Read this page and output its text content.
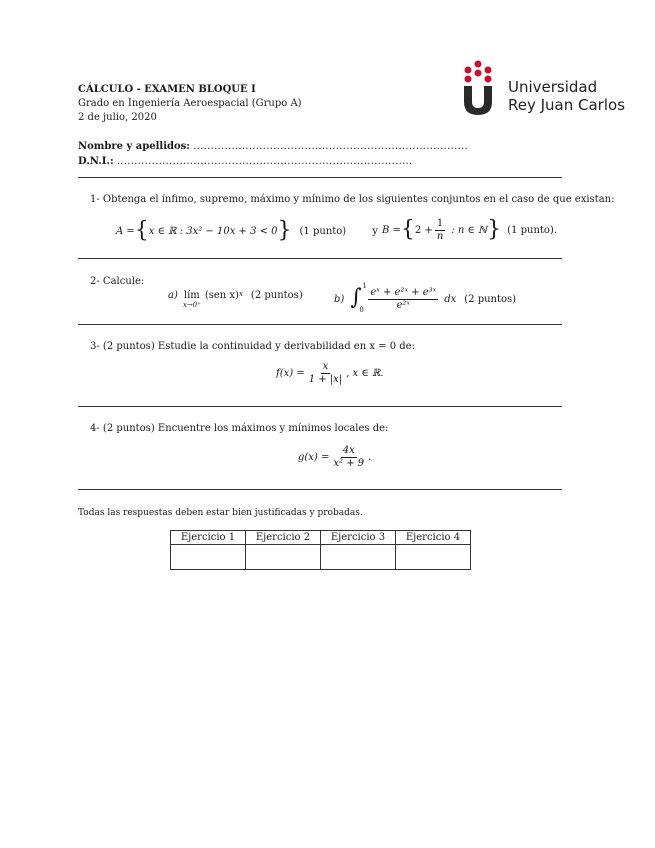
CÁLCULO - EXAMEN BLOQUE I
Grado en Ingeniería Aeroespacial (Grupo A)
2 de julio, 2020
Universidad
Rey Juan Carlos
Nombre y apellidos: ...............................................................................
D.N.I.: .....................................................................................
1- Obtenga el ínfimo, supremo, máximo y mínimo de los siguientes conjuntos en el caso de que existan:
A = { x ∈ ℝ : 3x² − 10x + 3 < 0 } (1 punto)	y B = { $2 + \frac{1}{n}$ : n ∈ ℕ } (1 punto).
2- Calcule:
a) lím
x→0⁺
(sen x) x (2 puntos)	b) ∫ 1
$0 \frac{\text{eˣ + e²ˣ + e³ˣ}}{\text{e²ˣ}}$ dx (2 puntos)
3- (2 puntos) Estudie la continuidad y derivabilidad en x = 0 de:
$f(x) = \frac{x}{1 + |x|}$ , x ∈ ℝ.
4- (2 puntos) Encuentre los máximos y mínimos locales de:
$g(x) = \frac{4x}{\text{x² + 9}}$ .
Todas las respuestas deben estar bien justificadas y probadas.
Ejercicio 1	Ejercicio 2	Ejercicio 3	Ejercicio 4
